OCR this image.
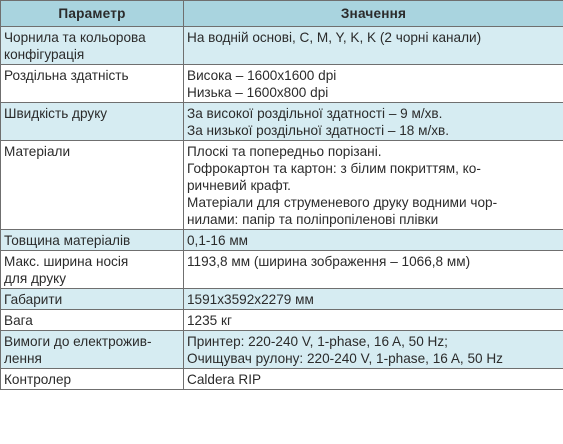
Параметр	Значення

Чорнила та кольорова
конфігурація	На водній основі, C, M, Y, K, K (2 чорні канали)

Роздільна здатність	Висока – 1600x1600 dpi
Низька – 1600x800 dpi

Швидкість друку	За високої роздільної здатності – 9 м/хв.
За низької роздільної здатності – 18 м/хв.

Матеріали	Плоскі та попередньо порізані.
Гофрокартон та картон: з білим покриттям, ко-
ричневий крафт.
Матеріали для струменевого друку водними чор-
нилами: папір та поліпропіленові плівки

Товщина матеріалів	0,1-16 мм

Макс. ширина носія
для друку	1193,8 мм (ширина зображення – 1066,8 мм)

Габарити	1591x3592x2279 мм

Вага	1235 кг

Вимоги до електрожив-
лення	Принтер: 220-240 V, 1-phase, 16 A, 50 Hz;
Очищувач рулону: 220-240 V, 1-phase, 16 A, 50 Hz

Контролер	Caldera RIP
